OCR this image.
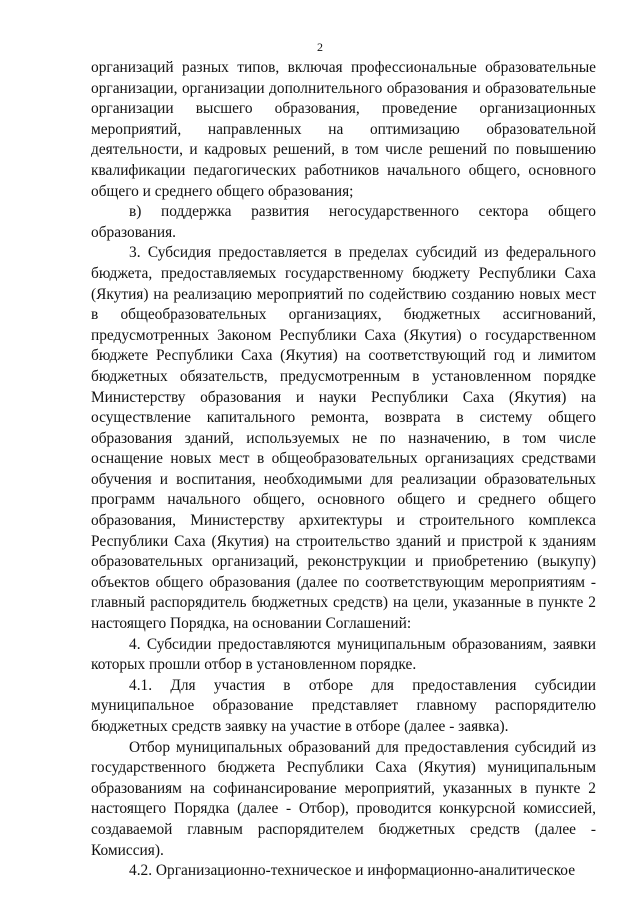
2

организаций разных типов, включая профессиональные образовательные организации, организации дополнительного образования и образовательные организации высшего образования, проведение организационных мероприятий, направленных на оптимизацию образовательной деятельности, и кадровых решений, в том числе решений по повышению квалификации педагогических работников начального общего, основного общего и среднего общего образования;

в) поддержка развития негосударственного сектора общего образования.

3. Субсидия предоставляется в пределах субсидий из федерального бюджета, предоставляемых государственному бюджету Республики Саха (Якутия) на реализацию мероприятий по содействию созданию новых мест в общеобразовательных организациях, бюджетных ассигнований, предусмотренных Законом Республики Саха (Якутия) о государственном бюджете Республики Саха (Якутия) на соответствующий год и лимитом бюджетных обязательств, предусмотренным в установленном порядке Министерству образования и науки Республики Саха (Якутия) на осуществление капитального ремонта, возврата в систему общего образования зданий, используемых не по назначению, в том числе оснащение новых мест в общеобразовательных организациях средствами обучения и воспитания, необходимыми для реализации образовательных программ начального общего, основного общего и среднего общего образования, Министерству архитектуры и строительного комплекса Республики Саха (Якутия) на строительство зданий и пристрой к зданиям образовательных организаций, реконструкции и приобретению (выкупу) объектов общего образования (далее по соответствующим мероприятиям - главный распорядитель бюджетных средств) на цели, указанные в пункте 2 настоящего Порядка, на основании Соглашений:

4. Субсидии предоставляются муниципальным образованиям, заявки которых прошли отбор в установленном порядке.

4.1. Для участия в отборе для предоставления субсидии муниципальное образование представляет главному распорядителю бюджетных средств заявку на участие в отборе (далее - заявка).

Отбор муниципальных образований для предоставления субсидий из государственного бюджета Республики Саха (Якутия) муниципальным образованиям на софинансирование мероприятий, указанных в пункте 2 настоящего Порядка (далее - Отбор), проводится конкурсной комиссией, создаваемой главным распорядителем бюджетных средств (далее - Комиссия).

4.2. Организационно-техническое и информационно-аналитическое
